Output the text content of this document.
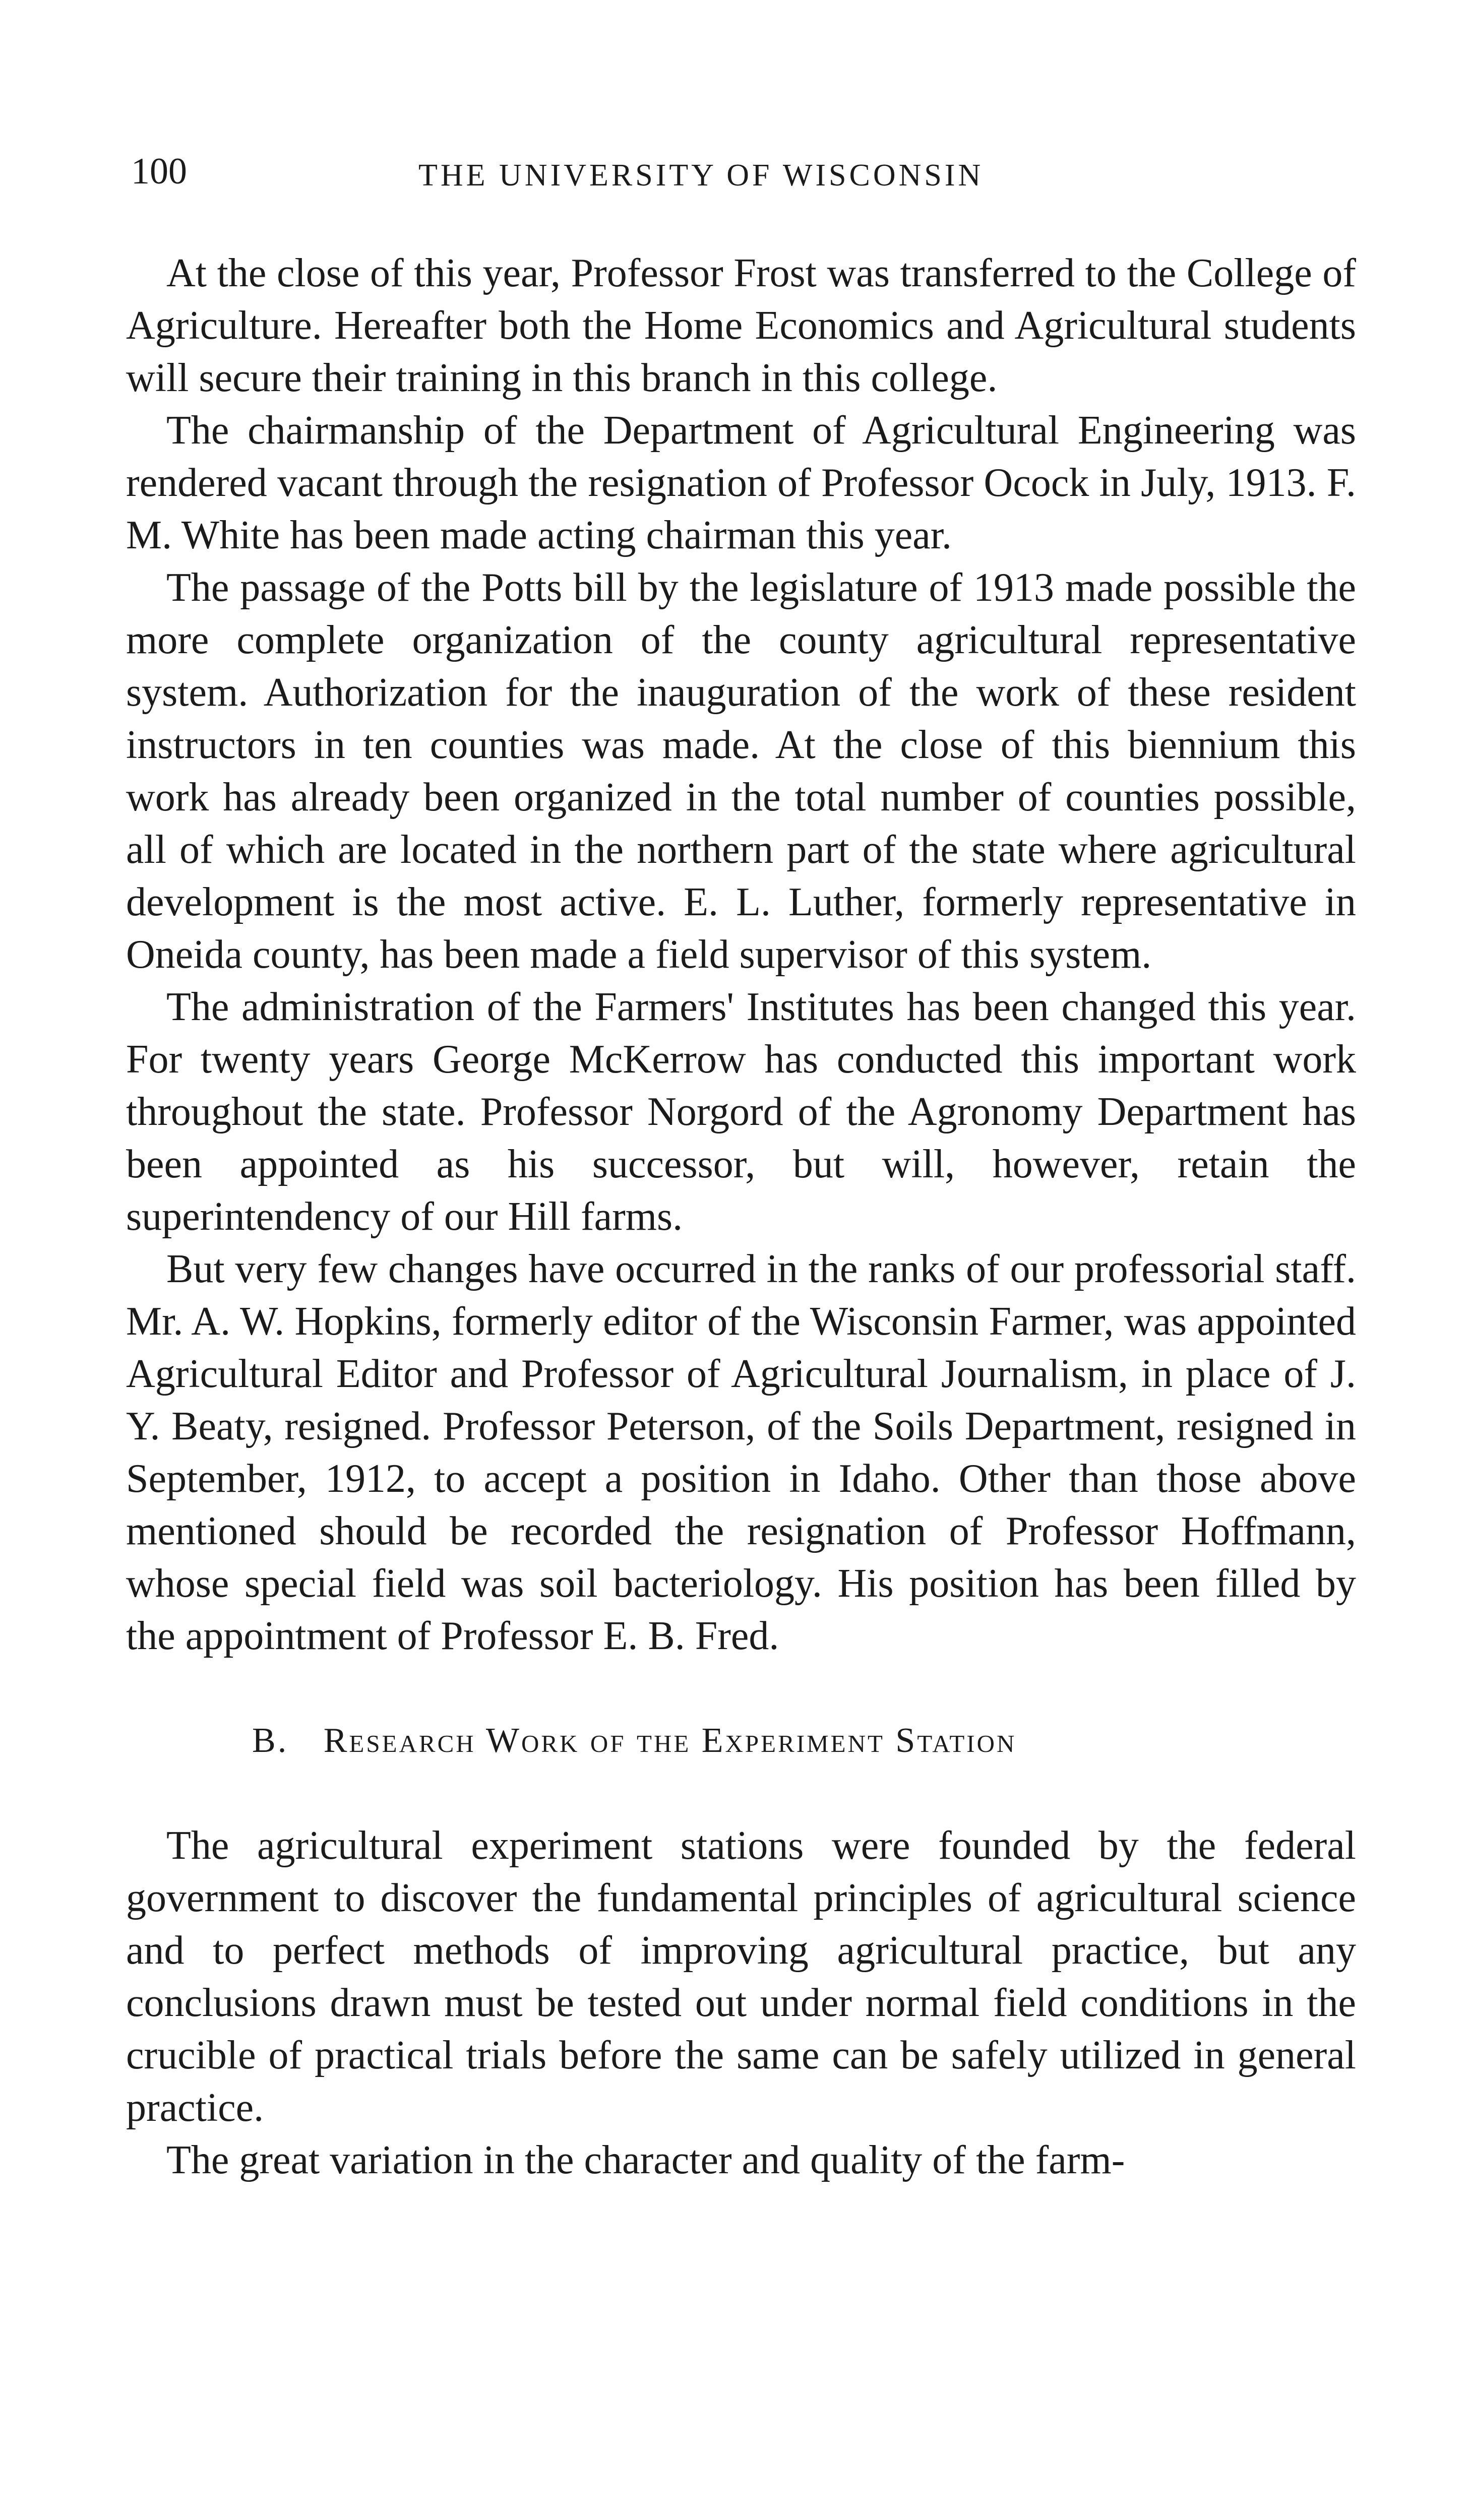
100	THE UNIVERSITY OF WISCONSIN

At the close of this year, Professor Frost was transferred to the College of Agriculture. Hereafter both the Home Economics and Agricultural students will secure their training in this branch in this college.

The chairmanship of the Department of Agricultural Engineering was rendered vacant through the resignation of Professor Ocock in July, 1913. F. M. White has been made acting chairman this year.

The passage of the Potts bill by the legislature of 1913 made possible the more complete organization of the county agricultural representative system. Authorization for the inauguration of the work of these resident instructors in ten counties was made. At the close of this biennium this work has already been organized in the total number of counties possible, all of which are located in the northern part of the state where agricultural development is the most active. E. L. Luther, formerly representative in Oneida county, has been made a field supervisor of this system.

The administration of the Farmers' Institutes has been changed this year. For twenty years George McKerrow has conducted this important work throughout the state. Professor Norgord of the Agronomy Department has been appointed as his successor, but will, however, retain the superintendency of our Hill farms.

But very few changes have occurred in the ranks of our professorial staff. Mr. A. W. Hopkins, formerly editor of the Wisconsin Farmer, was appointed Agricultural Editor and Professor of Agricultural Journalism, in place of J. Y. Beaty, resigned. Professor Peterson, of the Soils Department, resigned in September, 1912, to accept a position in Idaho. Other than those above mentioned should be recorded the resignation of Professor Hoffmann, whose special field was soil bacteriology. His position has been filled by the appointment of Professor E. B. Fred.

B. Research Work of the Experiment Station

The agricultural experiment stations were founded by the federal government to discover the fundamental principles of agricultural science and to perfect methods of improving agricultural practice, but any conclusions drawn must be tested out under normal field conditions in the crucible of practical trials before the same can be safely utilized in general practice.

The great variation in the character and quality of the farm-
